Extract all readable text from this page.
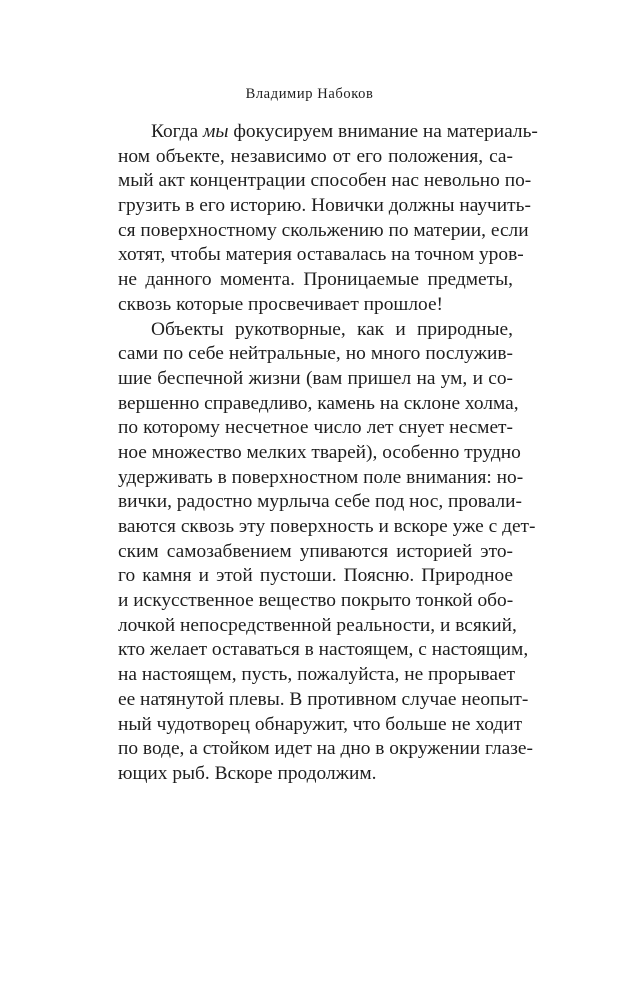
Владимир Набоков
Когда мы фокусируем внимание на материаль-
ном объекте, независимо от его положения, са-
мый акт концентрации способен нас невольно по-
грузить в его историю. Новички должны научить-
ся поверхностному скольжению по материи, если
хотят, чтобы материя оставалась на точном уров-
не данного момента. Проницаемые предметы,
сквозь которые просвечивает прошлое!
Объекты рукотворные, как и природные,
сами по себе нейтральные, но много послужив-
шие беспечной жизни (вам пришел на ум, и со-
вершенно справедливо, камень на склоне холма,
по которому несчетное число лет снует несмет-
ное множество мелких тварей), особенно трудно
удерживать в поверхностном поле внимания: но-
вички, радостно мурлыча себе под нос, провали-
ваются сквозь эту поверхность и вскоре уже с дет-
ским самозабвением упиваются историей это-
го камня и этой пустоши. Поясню. Природное
и искусственное вещество покрыто тонкой обо-
лочкой непосредственной реальности, и всякий,
кто желает оставаться в настоящем, с настоящим,
на настоящем, пусть, пожалуйста, не прорывает
ее натянутой плевы. В противном случае неопыт-
ный чудотворец обнаружит, что больше не ходит
по воде, а стойком идет на дно в окружении глазе-
ющих рыб. Вскоре продолжим.
